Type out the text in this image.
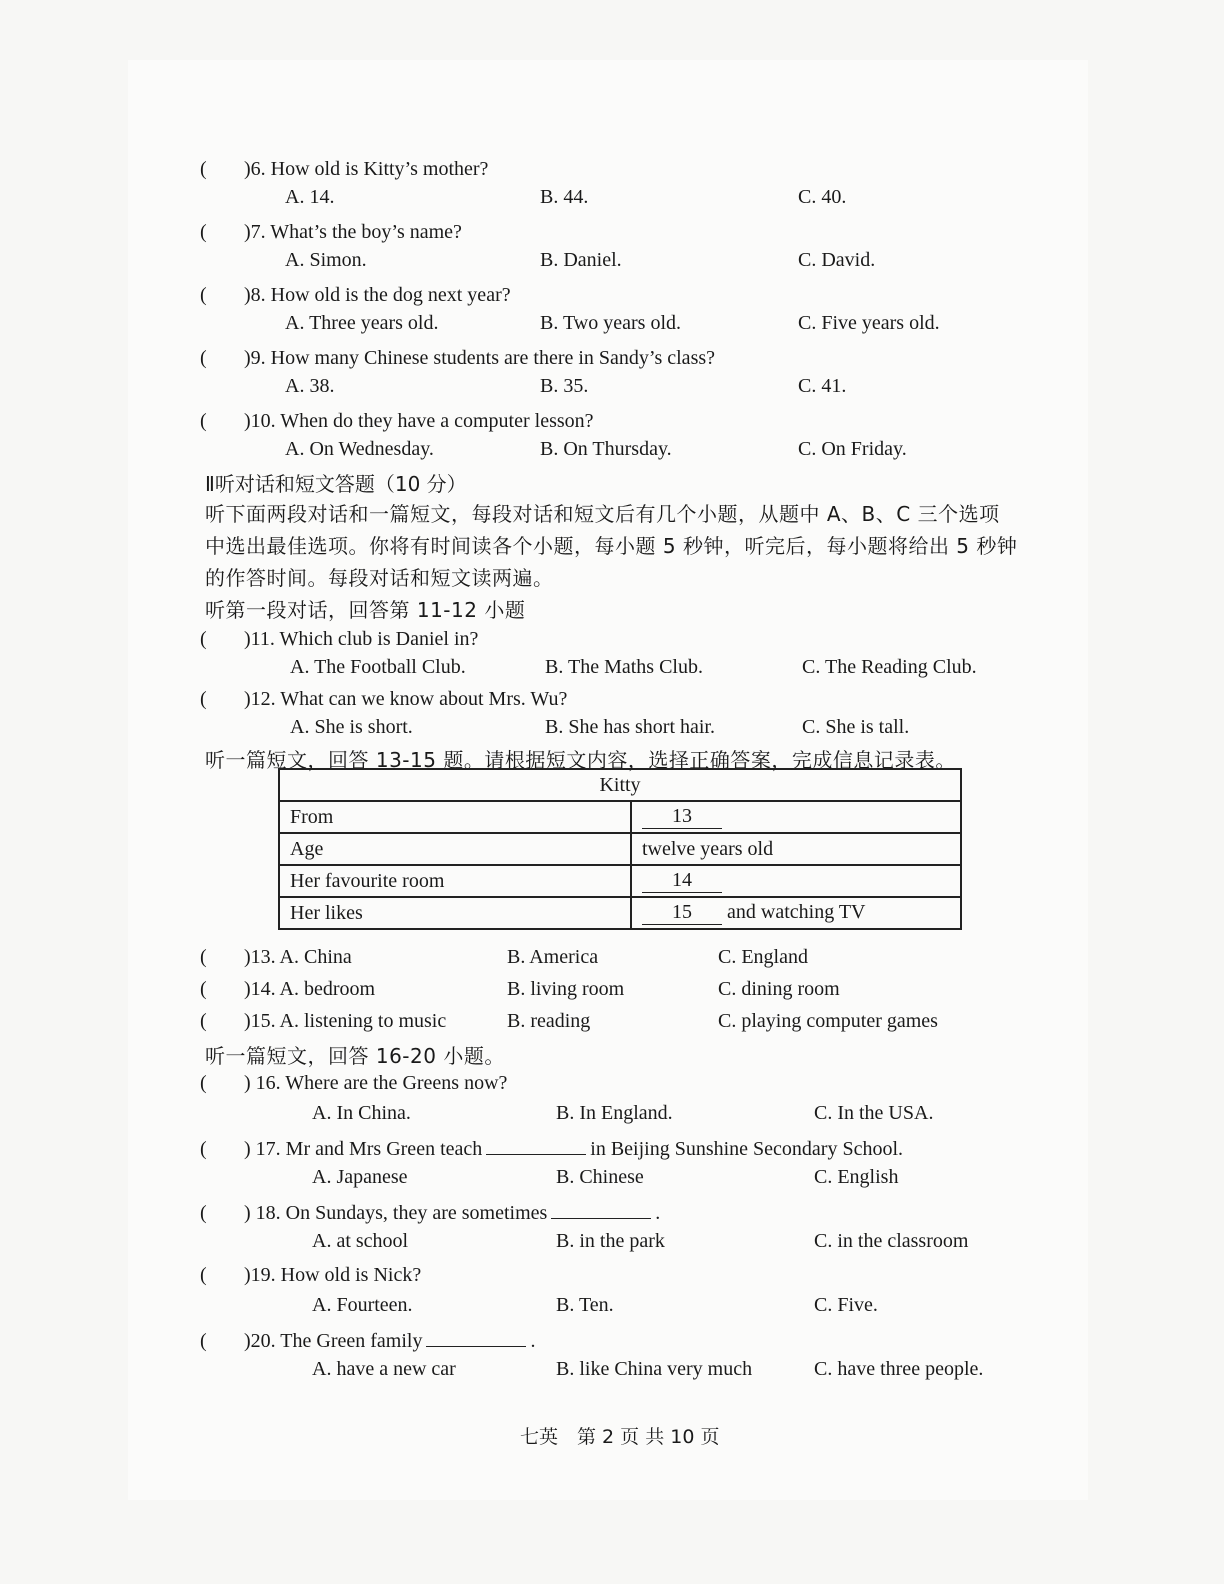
( )6. How old is Kitty’s mother?
A. 14.	B. 44.	C. 40.
( )7. What’s the boy’s name?
A. Simon.	B. Daniel.	C. David.
( )8. How old is the dog next year?
A. Three years old.	B. Two years old.	C. Five years old.
( )9. How many Chinese students are there in Sandy’s class?
A. 38.	B. 35.	C. 41.
( )10. When do they have a computer lesson?
A. On Wednesday.	B. On Thursday.	C. On Friday.
Ⅱ听对话和短文答题（10 分）
听下面两段对话和一篇短文，每段对话和短文后有几个小题，从题中 A、B、C 三个选项
中选出最佳选项。你将有时间读各个小题，每小题 5 秒钟，听完后，每小题将给出 5 秒钟
的作答时间。每段对话和短文读两遍。
听第一段对话，回答第 11-12 小题
( )11. Which club is Daniel in?
A. The Football Club.	B. The Maths Club.	C. The Reading Club.
( )12. What can we know about Mrs. Wu?
A. She is short.	B. She has short hair.	C. She is tall.
听一篇短文，回答 13-15 题。请根据短文内容，选择正确答案，完成信息记录表。
Kitty	
From	13
Age	twelve years old
Her favourite room	14
Her likes	15 and watching TV
( )13. A. China	B. America	C. England
( )14. A. bedroom	B. living room	C. dining room
( )15. A. listening to music	B. reading	C. playing computer games
听一篇短文，回答 16-20 小题。
( ) 16. Where are the Greens now?
A. In China.	B. In England.	C. In the USA.
( ) 17. Mr and Mrs Green teach	in Beijing Sunshine Secondary School.
A. Japanese	B. Chinese	C. English
( ) 18. On Sundays, they are sometimes	.
A. at school	B. in the park	C. in the classroom
( )19. How old is Nick?
A. Fourteen.	B. Ten.	C. Five.
( )20. The Green family	.
A. have a new car	B. like China very much	C. have three people.
七英　第 2 页 共 10 页
